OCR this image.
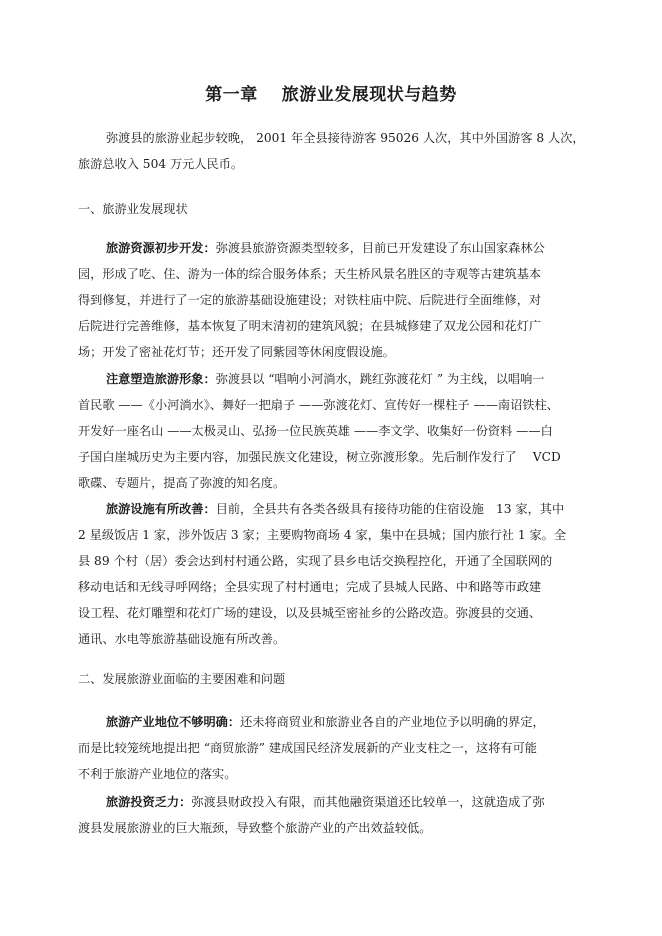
第一章　 旅游业发展现状与趋势
弥渡县的旅游业起步较晚， 2001 年全县接待游客 95026 人次，其中外国游客 8 人次，
旅游总收入 504 万元人民币。
一、旅游业发展现状
旅游资源初步开发：弥渡县旅游资源类型较多，目前已开发建设了东山国家森林公
园，形成了吃、住、游为一体的综合服务体系；天生桥风景名胜区的寺观等古建筑基本
得到修复，并进行了一定的旅游基础设施建设；对铁柱庙中院、后院进行全面维修，对
后院进行完善维修，基本恢复了明末清初的建筑风貌；在县城修建了双龙公园和花灯广
场；开发了密祉花灯节；还开发了同紫园等休闲度假设施。
注意塑造旅游形象：弥渡县以 “唱响小河淌水，跳红弥渡花灯 ” 为主线，以唱响一
首民歌 ——《小河淌水》、舞好一把扇子 ——弥渡花灯、宣传好一棵柱子 ——南诏铁柱、
开发好一座名山 ——太极灵山、弘扬一位民族英雄 ——李文学、收集好一份资料 ——白
子国白崖城历史为主要内容，加强民族文化建设，树立弥渡形象。先后制作发行了　 VCD
歌碟、专题片，提高了弥渡的知名度。
旅游设施有所改善：目前，全县共有各类各级具有接待功能的住宿设施　13 家，其中
2 星级饭店 1 家，涉外饭店 3 家；主要购物商场 4 家，集中在县城；国内旅行社 1 家。全
县 89 个村（居）委会达到村村通公路，实现了县乡电话交换程控化，开通了全国联网的
移动电话和无线寻呼网络；全县实现了村村通电；完成了县城人民路、中和路等市政建
设工程、花灯雕塑和花灯广场的建设，以及县城至密祉乡的公路改造。弥渡县的交通、
通讯、水电等旅游基础设施有所改善。
二、发展旅游业面临的主要困难和问题
旅游产业地位不够明确：还未将商贸业和旅游业各自的产业地位予以明确的界定，
而是比较笼统地提出把 “商贸旅游” 建成国民经济发展新的产业支柱之一，这将有可能
不利于旅游产业地位的落实。
旅游投资乏力：弥渡县财政投入有限，而其他融资渠道还比较单一，这就造成了弥
渡县发展旅游业的巨大瓶颈，导致整个旅游产业的产出效益较低。
